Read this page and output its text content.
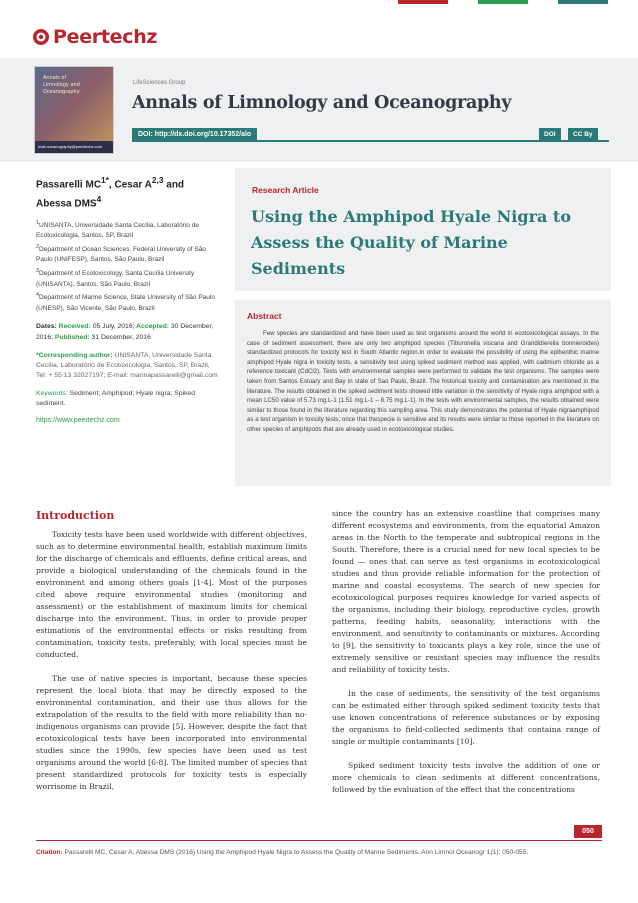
Peertechz
Annals of
Limnology and
Oceanography
mail.oceanography@peertechz.com
LifeSciences Group
Annals of Limnology and Oceanography
DOI: http://dx.doi.org/10.17352/alo	DOI	CC By
Passarelli $MC^{1*}$, Cesar A$^{2,3}$ and
Abessa DMS$^4$
$^1$UNISANTA, Universidade Santa Cecília, Laboratório de Ecotoxicologia, Santos, SP, Brazil
$^2$Department of Ocean Sciences. Federal University of São Paulo (UNIFESP), Santos, São Paulo, Brazil
$^3$Department of Ecotoxicology. Santa Cecília University (UNISANTA), Santos, São Paulo, Brazil
$^4$Department of Marine Science, State University of São Paulo (UNESP), São Vicente, São Paulo, Brazil
Dates: Received: 05 July, 2016; Accepted: 30 December, 2016; Published: 31 December, 2016
*Corresponding author: UNISANTA, Universidade Santa Cecília, Laboratório de Ecotoxicologia, Santos, SP, Brazil, Tel: + 55 13 32027197; E-mail: marinapassarelli@gmail.com
Keywords: Sediment; Amphipod; Hyale nigra; Spiked sediment.
https://www.peertechz.com
Research Article
Using the Amphipod Hyale Nigra to Assess the Quality of Marine Sediments
Abstract
Few species are standardized and have been used as test organisms around the world in ecotoxicological assays. In the case of sediment assessment, there are only two amphipod species (Tiburonella viscana and Grandidierella bonnieroides) standardized protocols for toxicity test in South Atlantic region.In order to evaluate the possibility of using the epibenthic marine amphipod Hyale nigra in toxicity tests, a sensitivity test using spiked sediment method was applied, with cadmium chloride as a reference toxicant (CdCl2). Tests with environmental samples were performed to validate the test organisms. The samples were taken from Santos Estuary and Bay in state of Sao Paulo, Brazil. The historical toxicity and contamination are mentioned in the literature. The results obtained in the spiked sediment tests showed little variation in the sensitivity of Hyale nigra amphipod with a mean LC50 value of 5.73 mg.L-1 (1.51 mg.L-1 – 8.75 mg.L-1). In the tests with environmental samples, the results obtained were similar to those found in the literature regarding this sampling area. This study demonstrates the potential of Hyale nigraamphipod as a test organism in toxicity tests, once that thespecie is sensitive and its results were similar to those reported in the literature on other species of amphipods that are already used in ecotoxicological studies.
Introduction

Toxicity tests have been used worldwide with different objectives, such as to determine environmental health, establish maximum limits for the discharge of chemicals and effluents, define critical areas, and provide a biological understanding of the chemicals found in the environment and among others goals [1-4]. Most of the purposes cited above require environmental studies (monitoring and assessment) or the establishment of maximum limits for chemical discharge into the environment. Thus, in order to provide proper estimations of the environmental effects or risks resulting from contamination, toxicity tests, preferably, with local species must be conducted.

The use of native species is important, because these species represent the local biota that may be directly exposed to the environmental contamination, and their use thus allows for the extrapolation of the results to the field with more reliability than no-indigenous organisms can provide [5]. However, despite the fact that ecotoxicological tests have been incorporated into environmental studies since the 1990s, few species have been used as test organisms around the world [6-8]. The limited number of species that present standardized protocols for toxicity tests is especially worrisome in Brazil,

since the country has an extensive coastline that comprises many different ecosystems and environments, from the equatorial Amazon areas in the North to the temperate and subtropical regions in the South. Therefore, there is a crucial need for new local species to be found — ones that can serve as test organisms in ecotoxicological studies and thus provide reliable information for the protection of marine and coastal ecosystems. The search of new species for ecotoxicological purposes requires knowledge for varied aspects of the organisms, including their biology, reproductive cycles, growth patterns, feeding habits, seasonality, interactions with the environment, and sensitivity to contaminants or mixtures. According to [9], the sensitivity to toxicants plays a key role, since the use of extremely sensitive or resistant species may influence the results and reliability of toxicity tests.

In the case of sediments, the sensitivity of the test organisms can be estimated either through spiked sediment toxicity tests that use known concentrations of reference substances or by exposing the organisms to field-collected sediments that containa range of single or multiple contaminants [10].

Spiked sediment toxicity tests involve the addition of one or more chemicals to clean sediments at different concentrations, followed by the evaluation of the effect that the concentrations

050
Citation: Passarelli MC, Cesar A, Abessa DMS (2016) Using the Amphipod Hyale Nigra to Assess the Quality of Marine Sediments. Ann Limnol Oceanogr 1(1): 050-055.
